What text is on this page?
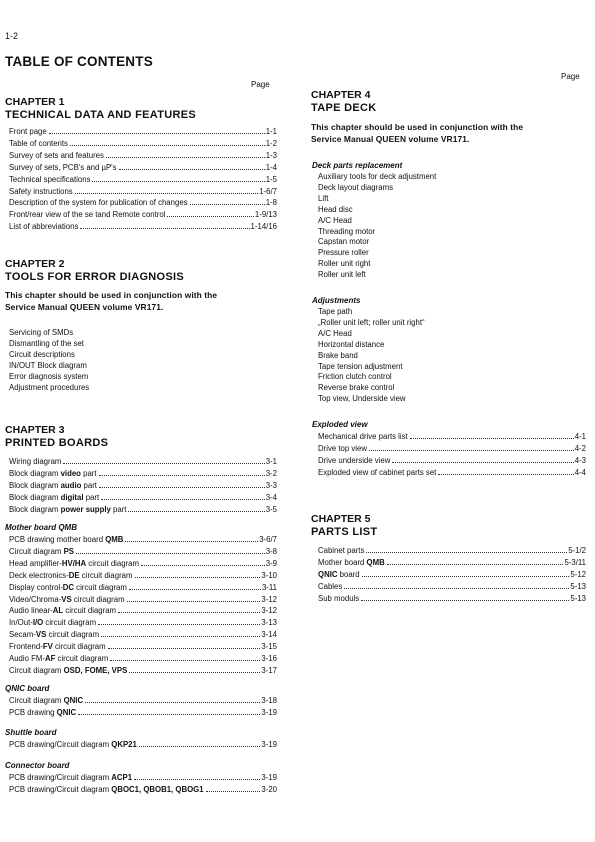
1-2
TABLE OF CONTENTS
Page
Page
CHAPTER 1
TECHNICAL DATA AND FEATURES
Front page	1-1
Table of contents	1-2
Survey of sets and features	1-3
Survey of sets, PCB's and µP's	1-4
Technical specifications	1-5
Safety instructions	1-6/7
Description of the system for publication of changes	1-8
Front/rear view of the se tand Remote control	1-9/13
List of abbreviations	1-14/16
CHAPTER 2
TOOLS FOR ERROR DIAGNOSIS
This chapter should be used in conjunction with the
Service Manual QUEEN volume VR171.
Servicing of SMDs
Dismantling of the set
Circuit descriptions
IN/OUT Block diagram
Error diagnosis system
Adjustment procedures
CHAPTER 3
PRINTED BOARDS
Wiring diagram	3-1
Block diagram video part	3-2
Block diagram audio part	3-3
Block diagram digital part	3-4
Block diagram power supply part	3-5
Mother board QMB
PCB drawing mother board QMB	3-6/7
Circuit diagram PS	3-8
Head amplifier-HV/HA circuit diagram	3-9
Deck electronics-DE circuit diagram	3-10
Display control-DC circuit diagram	3-11
Video/Chroma-VS circuit diagram	3-12
Audio linear-AL circuit diagram	3-12
In/Out-I/O circuit diagram	3-13
Secam-VS circuit diagram	3-14
Frontend-FV circuit diagram	3-15
Audio FM-AF circuit diagram	3-16
Circuit diagram OSD, FOME, VPS	3-17
QNIC board
Circuit diagram QNIC	3-18
PCB drawing QNIC	3-19
Shuttle board
PCB drawing/Circuit diagram QKP21	3-19
Connector board
PCB drawing/Circuit diagram ACP1	3-19
PCB drawing/Circuit diagram QBOC1, QBOB1, QBOG1	3-20
CHAPTER 4
TAPE DECK
This chapter should be used in conjunction with the
Service Manual QUEEN volume VR171.
Deck parts replacement
Auxiliary tools for deck adjustment
Deck layout diagrams
Lift
Head disc
A/C Head
Threading motor
Capstan motor
Pressure roller
Roller unit right
Roller unit left
Adjustments
Tape path
„Roller unit left; roller unit right“
A/C Head
Horizontal distance
Brake band
Tape tension adjustment
Friction clutch control
Reverse brake control
Top view, Underside view
Exploded view
Mechanical drive parts list	4-1
Drive top view	4-2
Drive underside view	4-3
Exploded view of cabinet parts set	4-4
CHAPTER 5
PARTS LIST
Cabinet parts	5-1/2
Mother board QMB	5-3/11
QNIC board	5-12
Cables	5-13
Sub moduls	5-13
